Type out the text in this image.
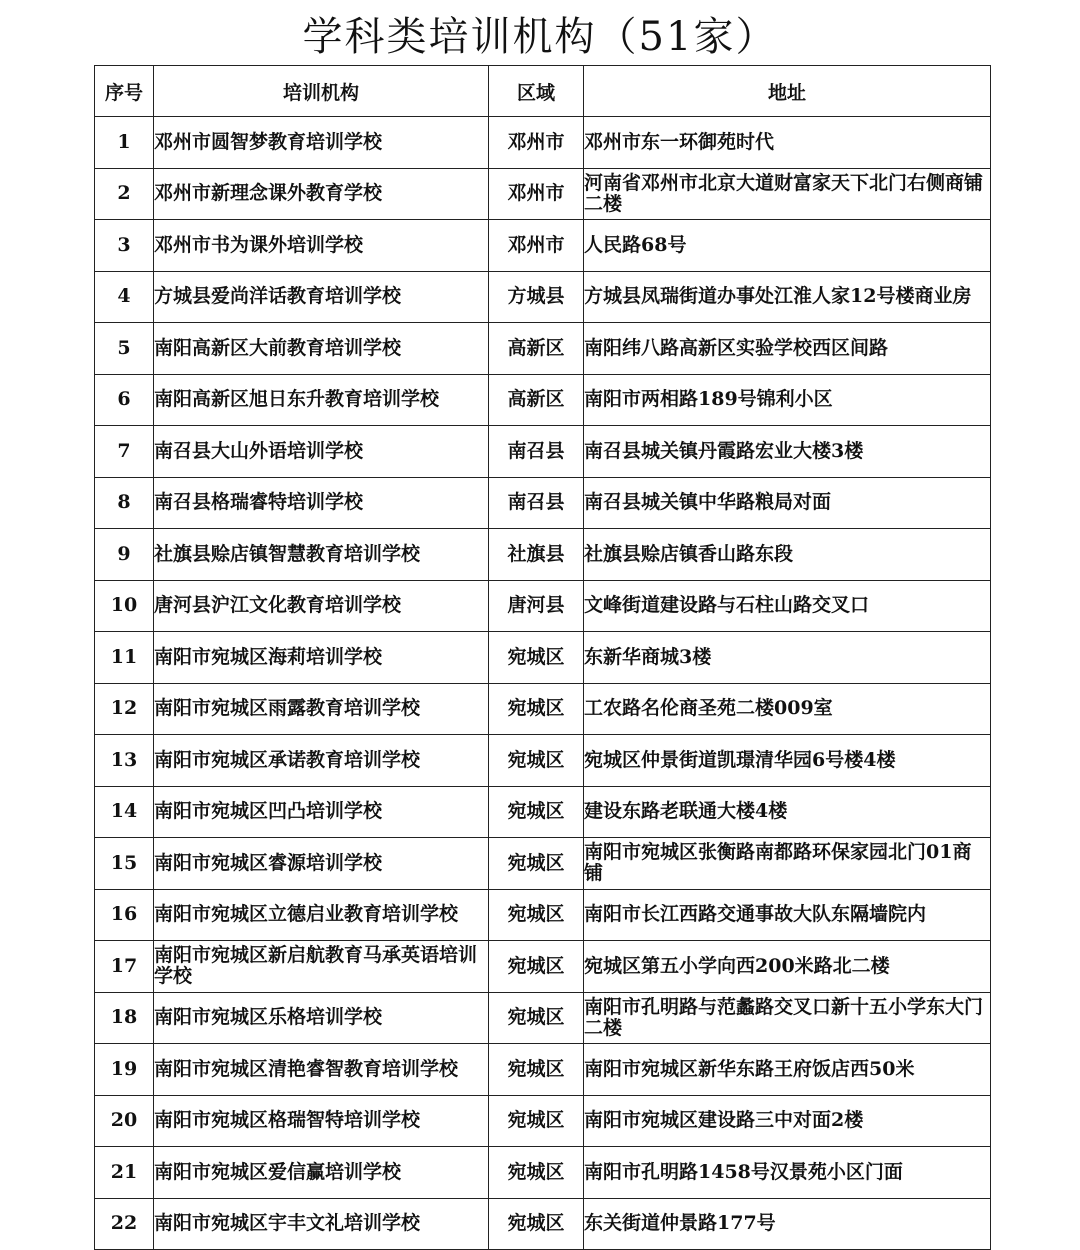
学科类培训机构（51家）
序号	培训机构	区域	地址
1	邓州市圆智梦教育培训学校	邓州市	邓州市东一环御苑时代
2	邓州市新理念课外教育学校	邓州市	河南省邓州市北京大道财富家天下北门右侧商铺二楼
3	邓州市书为课外培训学校	邓州市	人民路68号
4	方城县爱尚洋话教育培训学校	方城县	方城县凤瑞街道办事处江淮人家12号楼商业房
5	南阳高新区大前教育培训学校	高新区	南阳纬八路高新区实验学校西区间路
6	南阳高新区旭日东升教育培训学校	高新区	南阳市两相路189号锦利小区
7	南召县大山外语培训学校	南召县	南召县城关镇丹霞路宏业大楼3楼
8	南召县格瑞睿特培训学校	南召县	南召县城关镇中华路粮局对面
9	社旗县赊店镇智慧教育培训学校	社旗县	社旗县赊店镇香山路东段
10	唐河县沪江文化教育培训学校	唐河县	文峰街道建设路与石柱山路交叉口
11	南阳市宛城区海莉培训学校	宛城区	东新华商城3楼
12	南阳市宛城区雨露教育培训学校	宛城区	工农路名伦商圣苑二楼009室
13	南阳市宛城区承诺教育培训学校	宛城区	宛城区仲景街道凯璟清华园6号楼4楼
14	南阳市宛城区凹凸培训学校	宛城区	建设东路老联通大楼4楼
15	南阳市宛城区睿源培训学校	宛城区	南阳市宛城区张衡路南都路环保家园北门01商铺
16	南阳市宛城区立德启业教育培训学校	宛城区	南阳市长江西路交通事故大队东隔墙院内
17	南阳市宛城区新启航教育马承英语培训学校	宛城区	宛城区第五小学向西200米路北二楼
18	南阳市宛城区乐格培训学校	宛城区	南阳市孔明路与范蠡路交叉口新十五小学东大门二楼
19	南阳市宛城区清艳睿智教育培训学校	宛城区	南阳市宛城区新华东路王府饭店西50米
20	南阳市宛城区格瑞智特培训学校	宛城区	南阳市宛城区建设路三中对面2楼
21	南阳市宛城区爱信赢培训学校	宛城区	南阳市孔明路1458号汉景苑小区门面
22	南阳市宛城区宇丰文礼培训学校	宛城区	东关街道仲景路177号
